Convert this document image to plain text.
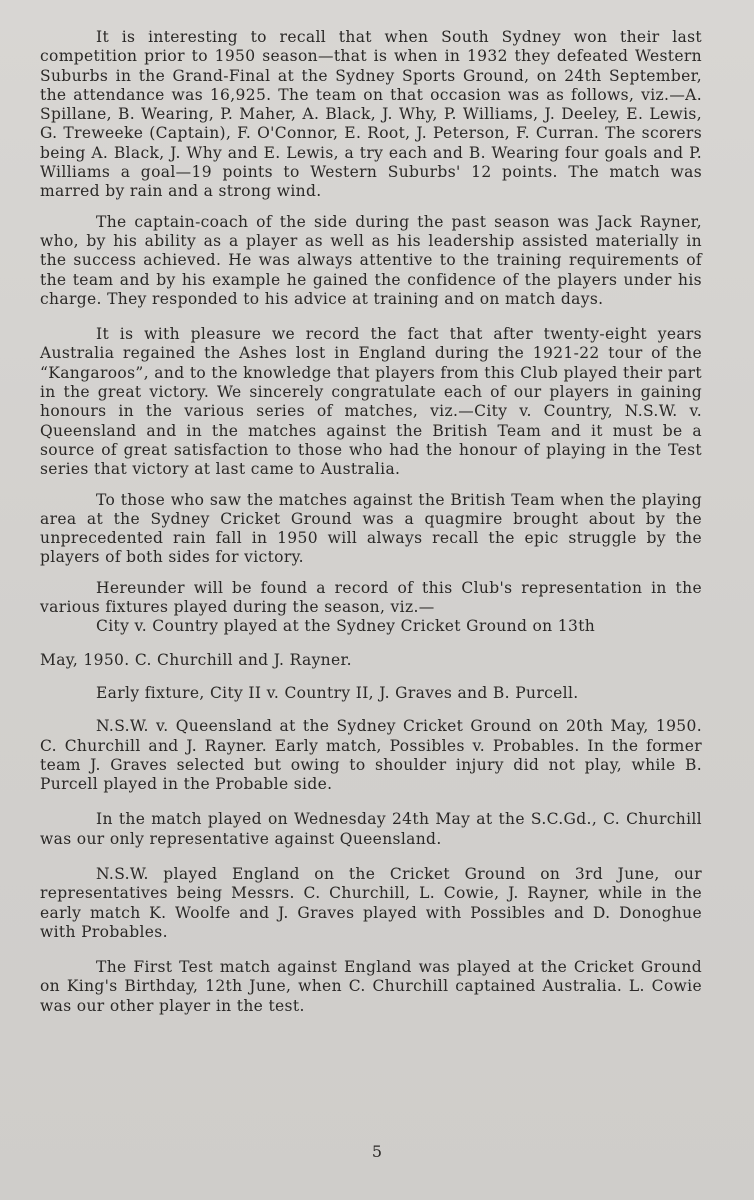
It is interesting to recall that when South Sydney won their last competition prior to 1950 season—that is when in 1932 they defeated Western Suburbs in the Grand-Final at the Sydney Sports Ground, on 24th September, the attendance was 16,925. The team on that occasion was as follows, viz.—A. Spillane, B. Wearing, P. Maher, A. Black, J. Why, P. Williams, J. Deeley, E. Lewis, G. Treweeke (Captain), F. O'Connor, E. Root, J. Peterson, F. Curran. The scorers being A. Black, J. Why and E. Lewis, a try each and B. Wearing four goals and P. Williams a goal—19 points to Western Suburbs' 12 points. The match was marred by rain and a strong wind.

The captain-coach of the side during the past season was Jack Rayner, who, by his ability as a player as well as his leadership assisted materially in the success achieved. He was always attentive to the training requirements of the team and by his example he gained the confidence of the players under his charge. They responded to his advice at training and on match days.

It is with pleasure we record the fact that after twenty-eight years Australia regained the Ashes lost in England during the 1921-22 tour of the “Kangaroos”, and to the knowledge that players from this Club played their part in the great victory. We sincerely congratulate each of our players in gaining honours in the various series of matches, viz.—City v. Country, N.S.W. v. Queensland and in the matches against the British Team and it must be a source of great satisfaction to those who had the honour of playing in the Test series that victory at last came to Australia.

To those who saw the matches against the British Team when the playing area at the Sydney Cricket Ground was a quagmire brought about by the unprecedented rain fall in 1950 will always recall the epic struggle by the players of both sides for victory.

Hereunder will be found a record of this Club's representation in the various fixtures played during the season, viz.—

City v. Country played at the Sydney Cricket Ground on 13th

May, 1950. C. Churchill and J. Rayner.

Early fixture, City II v. Country II, J. Graves and B. Purcell.

N.S.W. v. Queensland at the Sydney Cricket Ground on 20th May, 1950. C. Churchill and J. Rayner. Early match, Possibles v. Probables. In the former team J. Graves selected but owing to shoulder injury did not play, while B. Purcell played in the Probable side.

In the match played on Wednesday 24th May at the S.C.Gd., C. Churchill was our only representative against Queensland.

N.S.W. played England on the Cricket Ground on 3rd June, our representatives being Messrs. C. Churchill, L. Cowie, J. Rayner, while in the early match K. Woolfe and J. Graves played with Possibles and D. Donoghue with Probables.

The First Test match against England was played at the Cricket Ground on King's Birthday, 12th June, when C. Churchill captained Australia. L. Cowie was our other player in the test.

5
